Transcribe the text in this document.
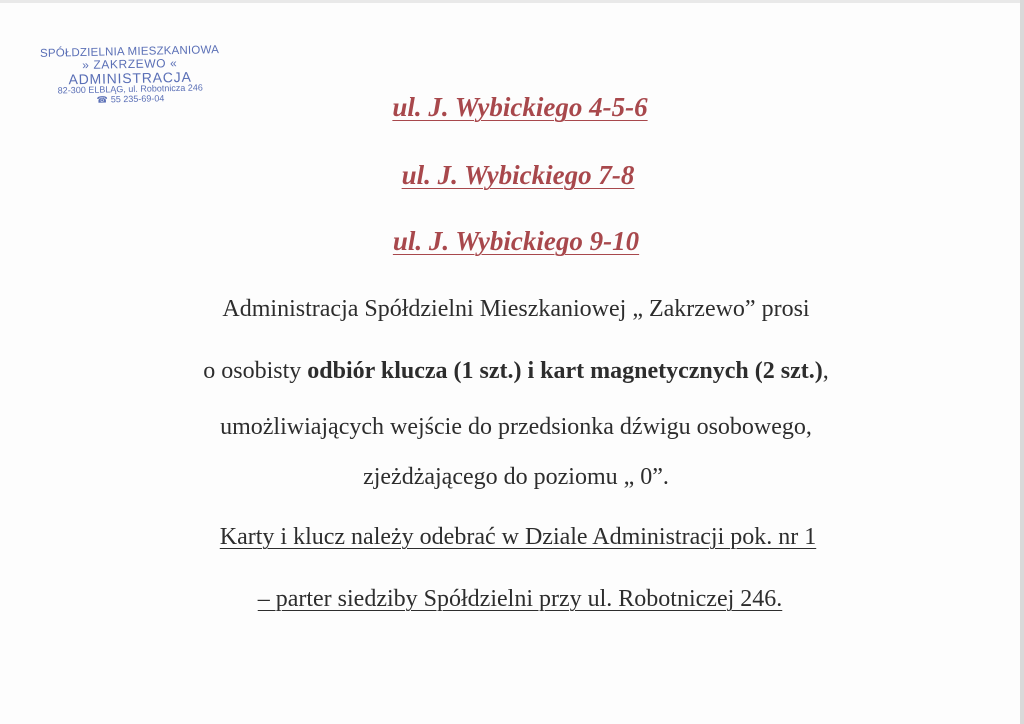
SPÓŁDZIELNIA MIESZKANIOWA
» ZAKRZEWO «
ADMINISTRACJA
82-300 ELBLĄG, ul. Robotnicza 246
☎ 55 235-69-04	ul. J. Wybickiego 4-5-6
ul. J. Wybickiego 7-8
ul. J. Wybickiego 9-10
Administracja Spółdzielni Mieszkaniowej „ Zakrzewo” prosi
o osobisty odbiór klucza (1 szt.) i kart magnetycznych (2 szt.),
umożliwiających wejście do przedsionka dźwigu osobowego,
zjeżdżającego do poziomu „ 0”.
Karty i klucz należy odebrać w Dziale Administracji pok. nr 1
– parter siedziby Spółdzielni przy ul. Robotniczej 246.
